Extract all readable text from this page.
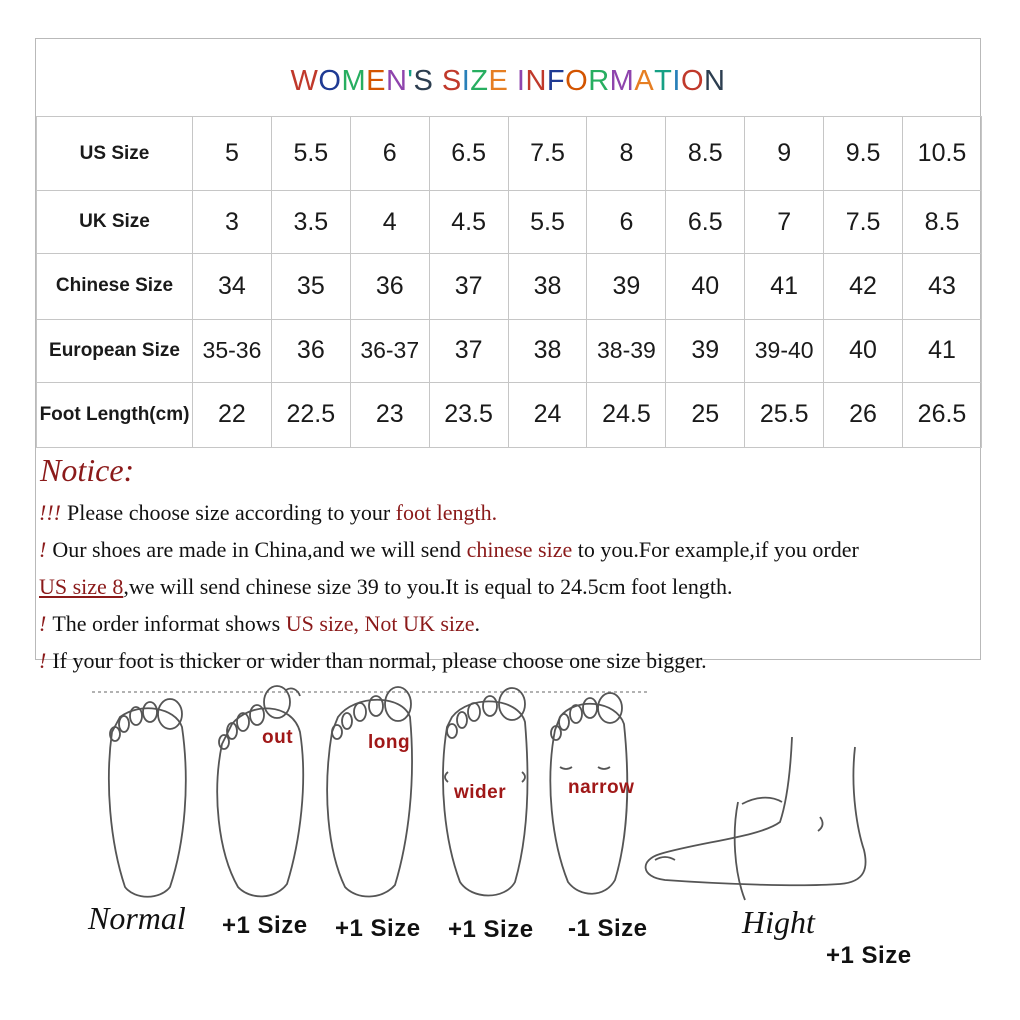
WOMEN'S SIZE INFORMATION
US Size	5	5.5	6	6.5	7.5	8	8.5	9	9.5	10.5
UK Size	3	3.5	4	4.5	5.5	6	6.5	7	7.5	8.5
Chinese Size	34	35	36	37	38	39	40	41	42	43
European Size	35-36	36	36-37	37	38	38-39	39	39-40	40	41
Foot Length(cm)	22	22.5	23	23.5	24	24.5	25	25.5	26	26.5
Notice:
!!! Please choose size according to your foot length.
! Our shoes are made in China,and we will send chinese size to you.For example,if you order
US size 8,we will send chinese size 39 to you.It is equal to 24.5cm foot length.
! The order informat shows US size, Not UK size.
! If your foot is thicker or wider than normal, please choose one size bigger.
out	long
wider	narrow
Normal +1 Size +1 Size +1 Size -1 Size	Hight
+1 Size
